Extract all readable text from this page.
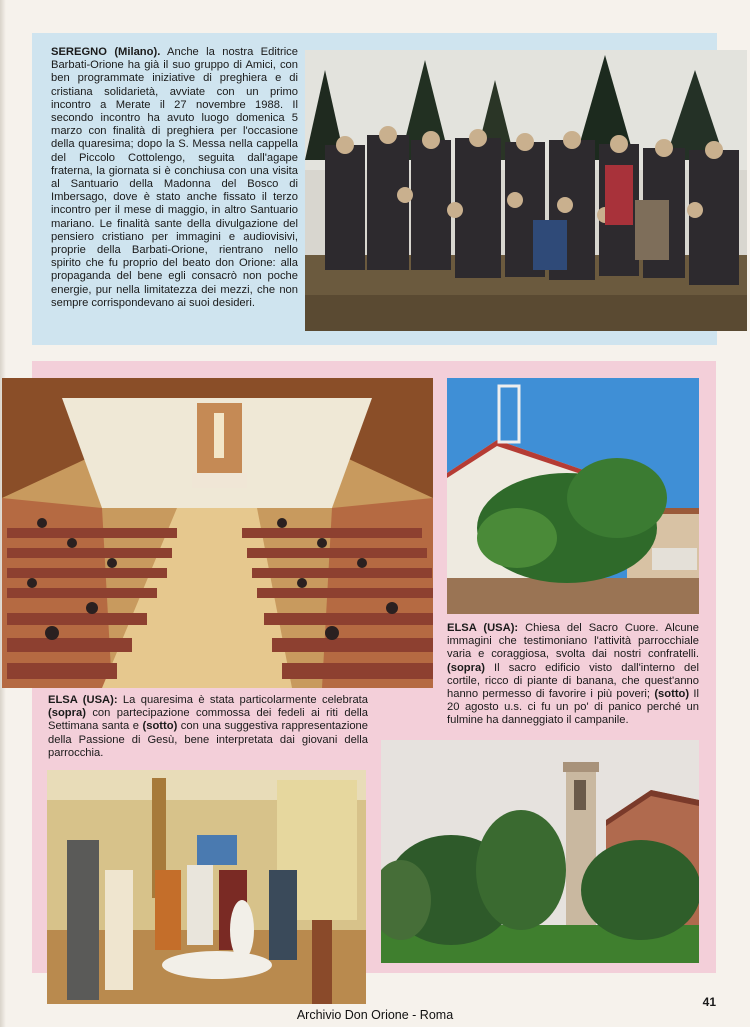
SEREGNO (Milano). Anche la nostra Editrice Barbati-Orione ha già il suo gruppo di Amici, con ben programmate iniziative di preghiera e di cristiana solidarietà, avviate con un primo incontro a Merate il 27 novembre 1988. Il secondo incontro ha avuto luogo domenica 5 marzo con finalità di preghiera per l'occasione della quaresima; dopo la S. Messa nella cappella del Piccolo Cottolengo, seguita dall'agape fraterna, la giornata si è conchiusa con una visita al Santuario della Madonna del Bosco di Imbersago, dove è stato anche fissato il terzo incontro per il mese di maggio, in altro Santuario mariano. Le finalità sante della divulgazione del pensiero cristiano per immagini e audiovisivi, proprie della Barbati-Orione, rientrano nello spirito che fu proprio del beato don Orione: alla propaganda del bene egli consacrò non poche energie, pur nella limitatezza dei mezzi, che non sempre corrispondevano ai suoi desideri.
ELSA (USA): Chiesa del Sacro Cuore. Alcune immagini che testimoniano l'attività parrocchiale varia e coraggiosa, svolta dai nostri confratelli. (sopra) Il sacro edificio visto dall'interno del cortile, ricco di piante di banana, che quest'anno hanno permesso di favorire i più poveri; (sotto) Il 20 agosto u.s. ci fu un po' di panico perché un fulmine ha danneggiato il campanile.
ELSA (USA): La quaresima è stata particolarmente celebrata (sopra) con partecipazione commossa dei fedeli ai riti della Settimana santa e (sotto) con una suggestiva rappresentazione della Passione di Gesù, bene interpretata dai giovani della parrocchia.
41
Archivio Don Orione - Roma
